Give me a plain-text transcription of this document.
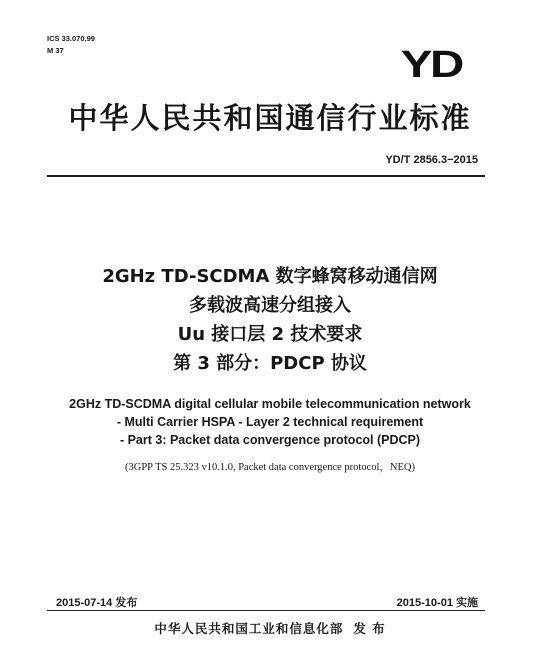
ICS 33.070.99
M 37	YD
中华人民共和国通信行业标准
YD/T 2856.3−2015
2GHz TD-SCDMA 数字蜂窝移动通信网
多载波高速分组接入
Uu 接口层 2 技术要求
第 3 部分：PDCP 协议
2GHz TD-SCDMA digital cellular mobile telecommunication network
- Multi Carrier HSPA - Layer 2 technical requirement
- Part 3: Packet data convergence protocol (PDCP)
(3GPP TS 25.323 v10.1.0, Packet data convergence protocol，NEQ)
2015-07-14 发布	2015-10-01 实施
中华人民共和国工业和信息化部 发 布
